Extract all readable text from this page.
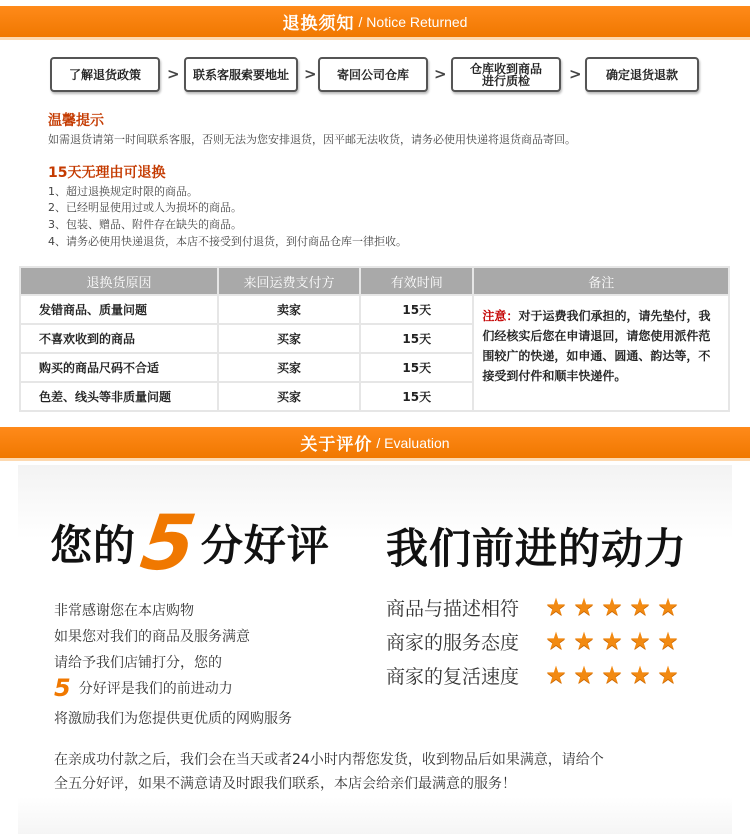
退换须知 / Notice Returned
了解退货政策 > 联系客服索要地址 > 寄回公司仓库 >	仓库收到商品进行质检	> 确定退货退款
温馨提示
如需退货请第一时间联系客服，否则无法为您安排退货，因平邮无法收货，请务必使用快递将退货商品寄回。
15天无理由可退换
1、超过退换规定时限的商品。
2、已经明显使用过或人为损坏的商品。
3、包装、赠品、附件存在缺失的商品。
4、请务必使用快递退货，本店不接受到付退货，到付商品仓库一律拒收。
退换货原因	来回运费支付方	有效时间	备注
发错商品、质量问题	卖家	15天	注意：对于运费我们承担的，请先垫付，我们经核实后您在申请退回，请您使用派件范围较广的快递，如申通、圆通、韵达等，不接受到付件和顺丰快递件。
不喜欢收到的商品	买家	15天	
购买的商品尺码不合适	买家	15天	
色差、线头等非质量问题	买家	15天	
关于评价 / Evaluation
您的 5 分好评 我们前进的动力
非常感谢您在本店购物
如果您对我们的商品及服务满意
请给予我们店铺打分，您的
5 分好评是我们的前进动力
将激励我们为您提供更优质的网购服务
商品与描述相符	★ ★ ★ ★ ★
商家的服务态度	★ ★ ★ ★ ★
商家的复活速度	★ ★ ★ ★ ★
在亲成功付款之后，我们会在当天或者24小时内帮您发货，收到物品后如果满意，请给个
全五分好评，如果不满意请及时跟我们联系，本店会给亲们最满意的服务！
